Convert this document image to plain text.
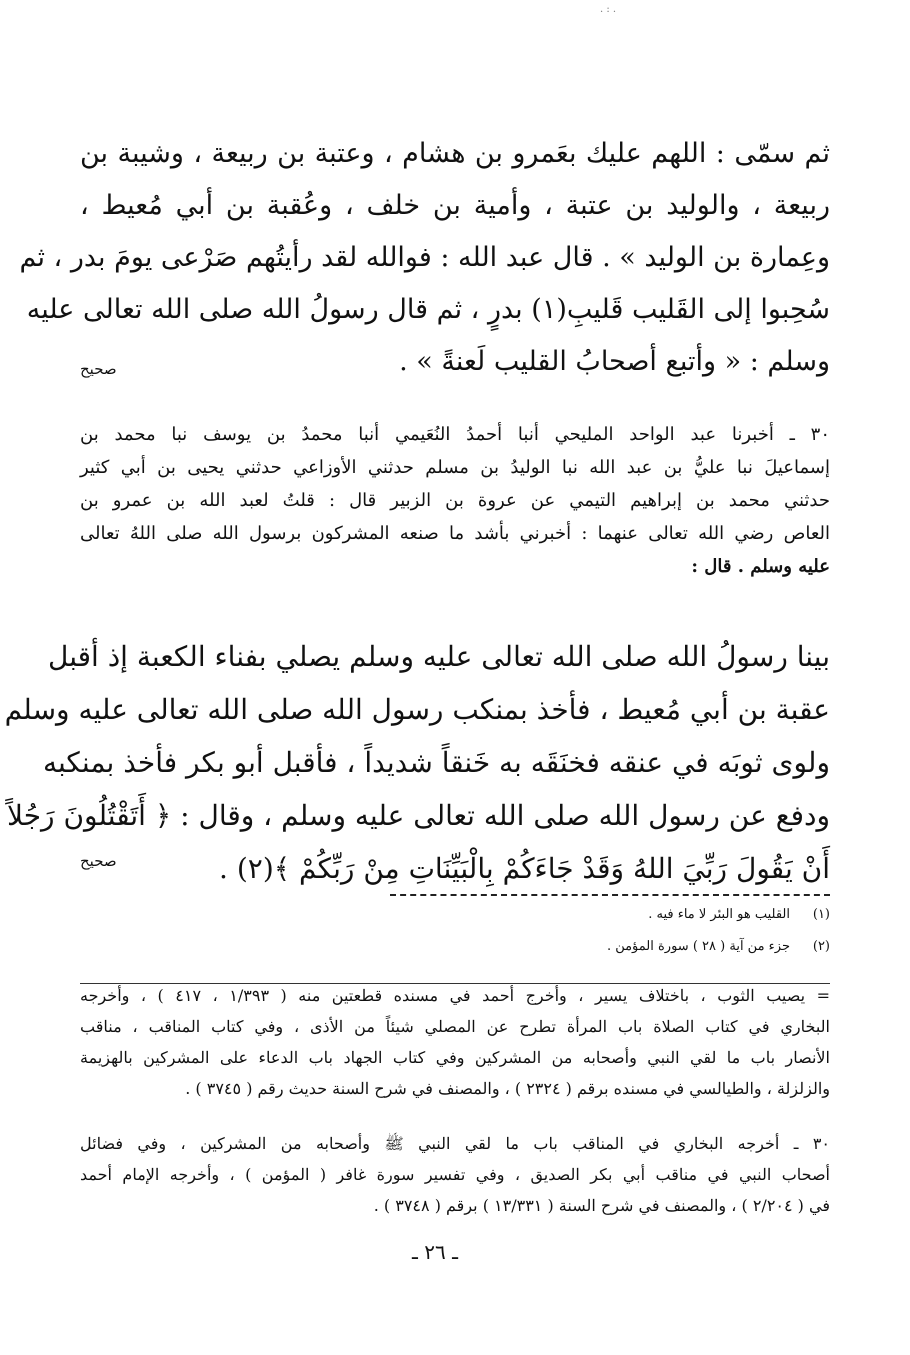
. : .
ثم سمّى : اللهم عليك بعَمرو بن هشام ، وعتبة بن ربيعة ، وشيبة بن
ربيعة ، والوليد بن عتبة ، وأمية بن خلف ، وعُقبة بن أبي مُعيط ،
وعِمارة بن الوليد » . قال عبد الله : فوالله لقد رأيتُهم صَرْعى يومَ بدر ، ثم
سُحِبوا إلى القَليب قَليبِ(١) بدرٍ ، ثم قال رسولُ الله صلى الله تعالى عليه
وسلم : « وأتبع أصحابُ القليب لَعنةً » .
صحيح
٣٠ ـ أخبرنا عبد الواحد المليحي أنبا أحمدُ النُعَيمي أنبا محمدُ بن يوسف نبا محمد بن
إسماعيلَ نبا عليُّ بن عبد الله نبا الوليدُ بن مسلم حدثني الأوزاعي حدثني يحيى بن أبي كثير
حدثني محمد بن إبراهيم التيمي عن عروة بن الزبير قال : قلتُ لعبد الله بن عمرو بن
العاص رضي الله تعالى عنهما : أخبرني بأشد ما صنعه المشركون برسول الله صلى اللهُ تعالى
عليه وسلم . قال :
بينا رسولُ الله صلى الله تعالى عليه وسلم يصلي بفناء الكعبة إذ أقبل
عقبة بن أبي مُعيط ، فأخذ بمنكب رسول الله صلى الله تعالى عليه وسلم
ولوى ثوبَه في عنقه فخنَقَه به خَنقاً شديداً ، فأقبل أبو بكر فأخذ بمنكبه
ودفع عن رسول الله صلى الله تعالى عليه وسلم ، وقال : ﴿ أَتَقْتُلُونَ رَجُلاً
أَنْ يَقُولَ رَبِّيَ اللهُ وَقَدْ جَاءَكُمْ بِالْبَيِّنَاتِ مِنْ رَبِّكُمْ ﴾(٢) .
صحيح
(١)القليب هو البئر لا ماء فيه .
(٢)جزء من آية ( ٢٨ ) سورة المؤمن .
= يصيب الثوب ، باختلاف يسير ، وأخرج أحمد في مسنده قطعتين منه ( ١/٣٩٣ ، ٤١٧ ) ، وأخرجه
البخاري في كتاب الصلاة باب المرأة تطرح عن المصلي شيئاً من الأذى ، وفي كتاب المناقب ، مناقب
الأنصار باب ما لقي النبي وأصحابه من المشركين وفي كتاب الجهاد باب الدعاء على المشركين بالهزيمة
والزلزلة ، والطيالسي في مسنده برقم ( ٢٣٢٤ ) ، والمصنف في شرح السنة حديث رقم ( ٣٧٤٥ ) .
٣٠ ـ أخرجه البخاري في المناقب باب ما لقي النبي ﷺ وأصحابه من المشركين ، وفي فضائل
أصحاب النبي في مناقب أبي بكر الصديق ، وفي تفسير سورة غافر ( المؤمن ) ، وأخرجه الإمام أحمد
في ( ٢/٢٠٤ ) ، والمصنف في شرح السنة ( ١٣/٣٣١ ) برقم ( ٣٧٤٨ ) .
ـ ٢٦ ـ
